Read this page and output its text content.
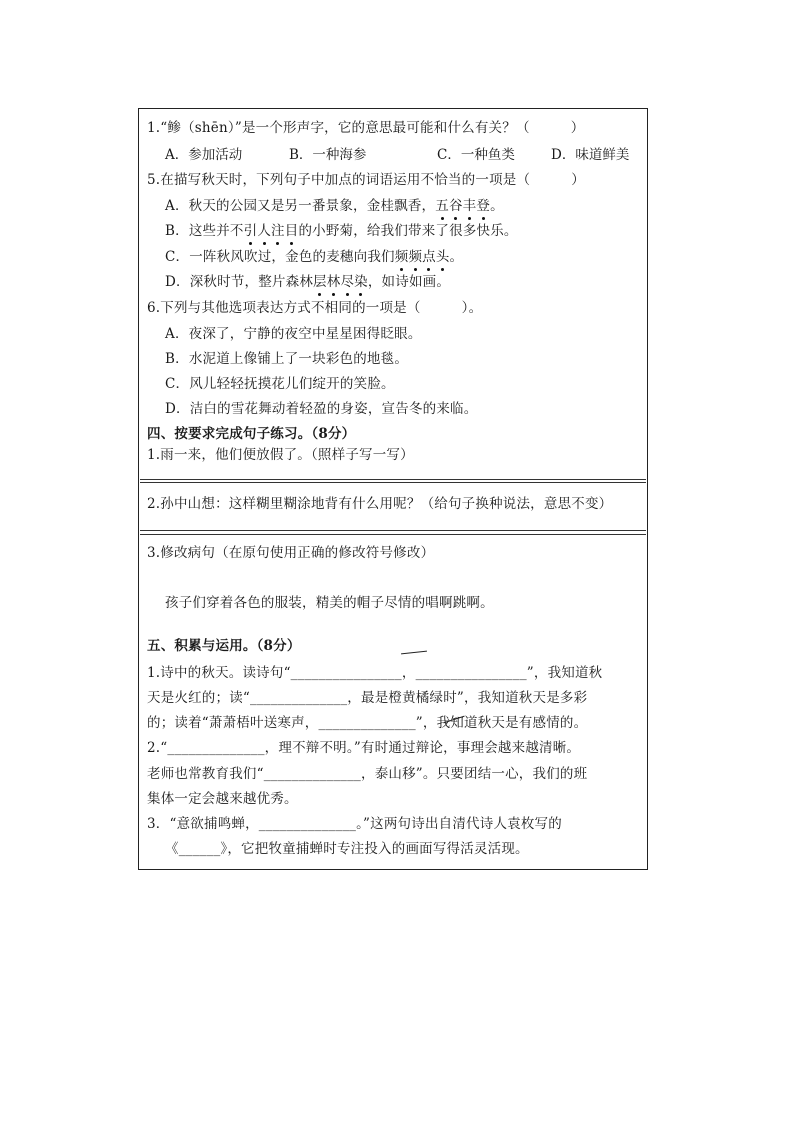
1.“鲹（shēn）”是一个形声字，它的意思最可能和什么有关？（　　　）
A．参加活动	B．一种海参	C．一种鱼类	D．味道鲜美
5.在描写秋天时，下列句子中加点的词语运用不恰当的一项是（　　　）
A．秋天的公园又是另一番景象，金桂飘香，五谷丰登。
B．这些并不引人注目的小野菊，给我们带来了很多快乐。
C．一阵秋风吹过，金色的麦穗向我们频频点头。
D．深秋时节，整片森林层林尽染，如诗如画。
6.下列与其他选项表达方式不相同的一项是（　　　）。
A．夜深了，宁静的夜空中星星困得眨眼。
B．水泥道上像铺上了一块彩色的地毯。
C．风儿轻轻抚摸花儿们绽开的笑脸。
D．洁白的雪花舞动着轻盈的身姿，宣告冬的来临。
四、按要求完成句子练习。（8分）
1.雨一来，他们便放假了。（照样子写一写）
2.孙中山想：这样糊里糊涂地背有什么用呢？（给句子换种说法，意思不变）
3.修改病句（在原句使用正确的修改符号修改）
孩子们穿着各色的服装，精美的帽子尽情的唱啊跳啊。
五、积累与运用。（8分）
1.诗中的秋天。读诗句“________________，________________”，我知道秋
天是火红的；读“______________，最是橙黄橘绿时”，我知道秋天是多彩
的；读着“萧萧梧叶送寒声，______________”，我知道秋天是有感情的。
2.“______________，理不辩不明。”有时通过辩论，事理会越来越清晰。
老师也常教育我们“______________，泰山移”。只要团结一心，我们的班
集体一定会越来越优秀。
3．“意欲捕鸣蝉，______________。”这两句诗出自清代诗人袁枚写的
《______》，它把牧童捕蝉时专注投入的画面写得活灵活现。
